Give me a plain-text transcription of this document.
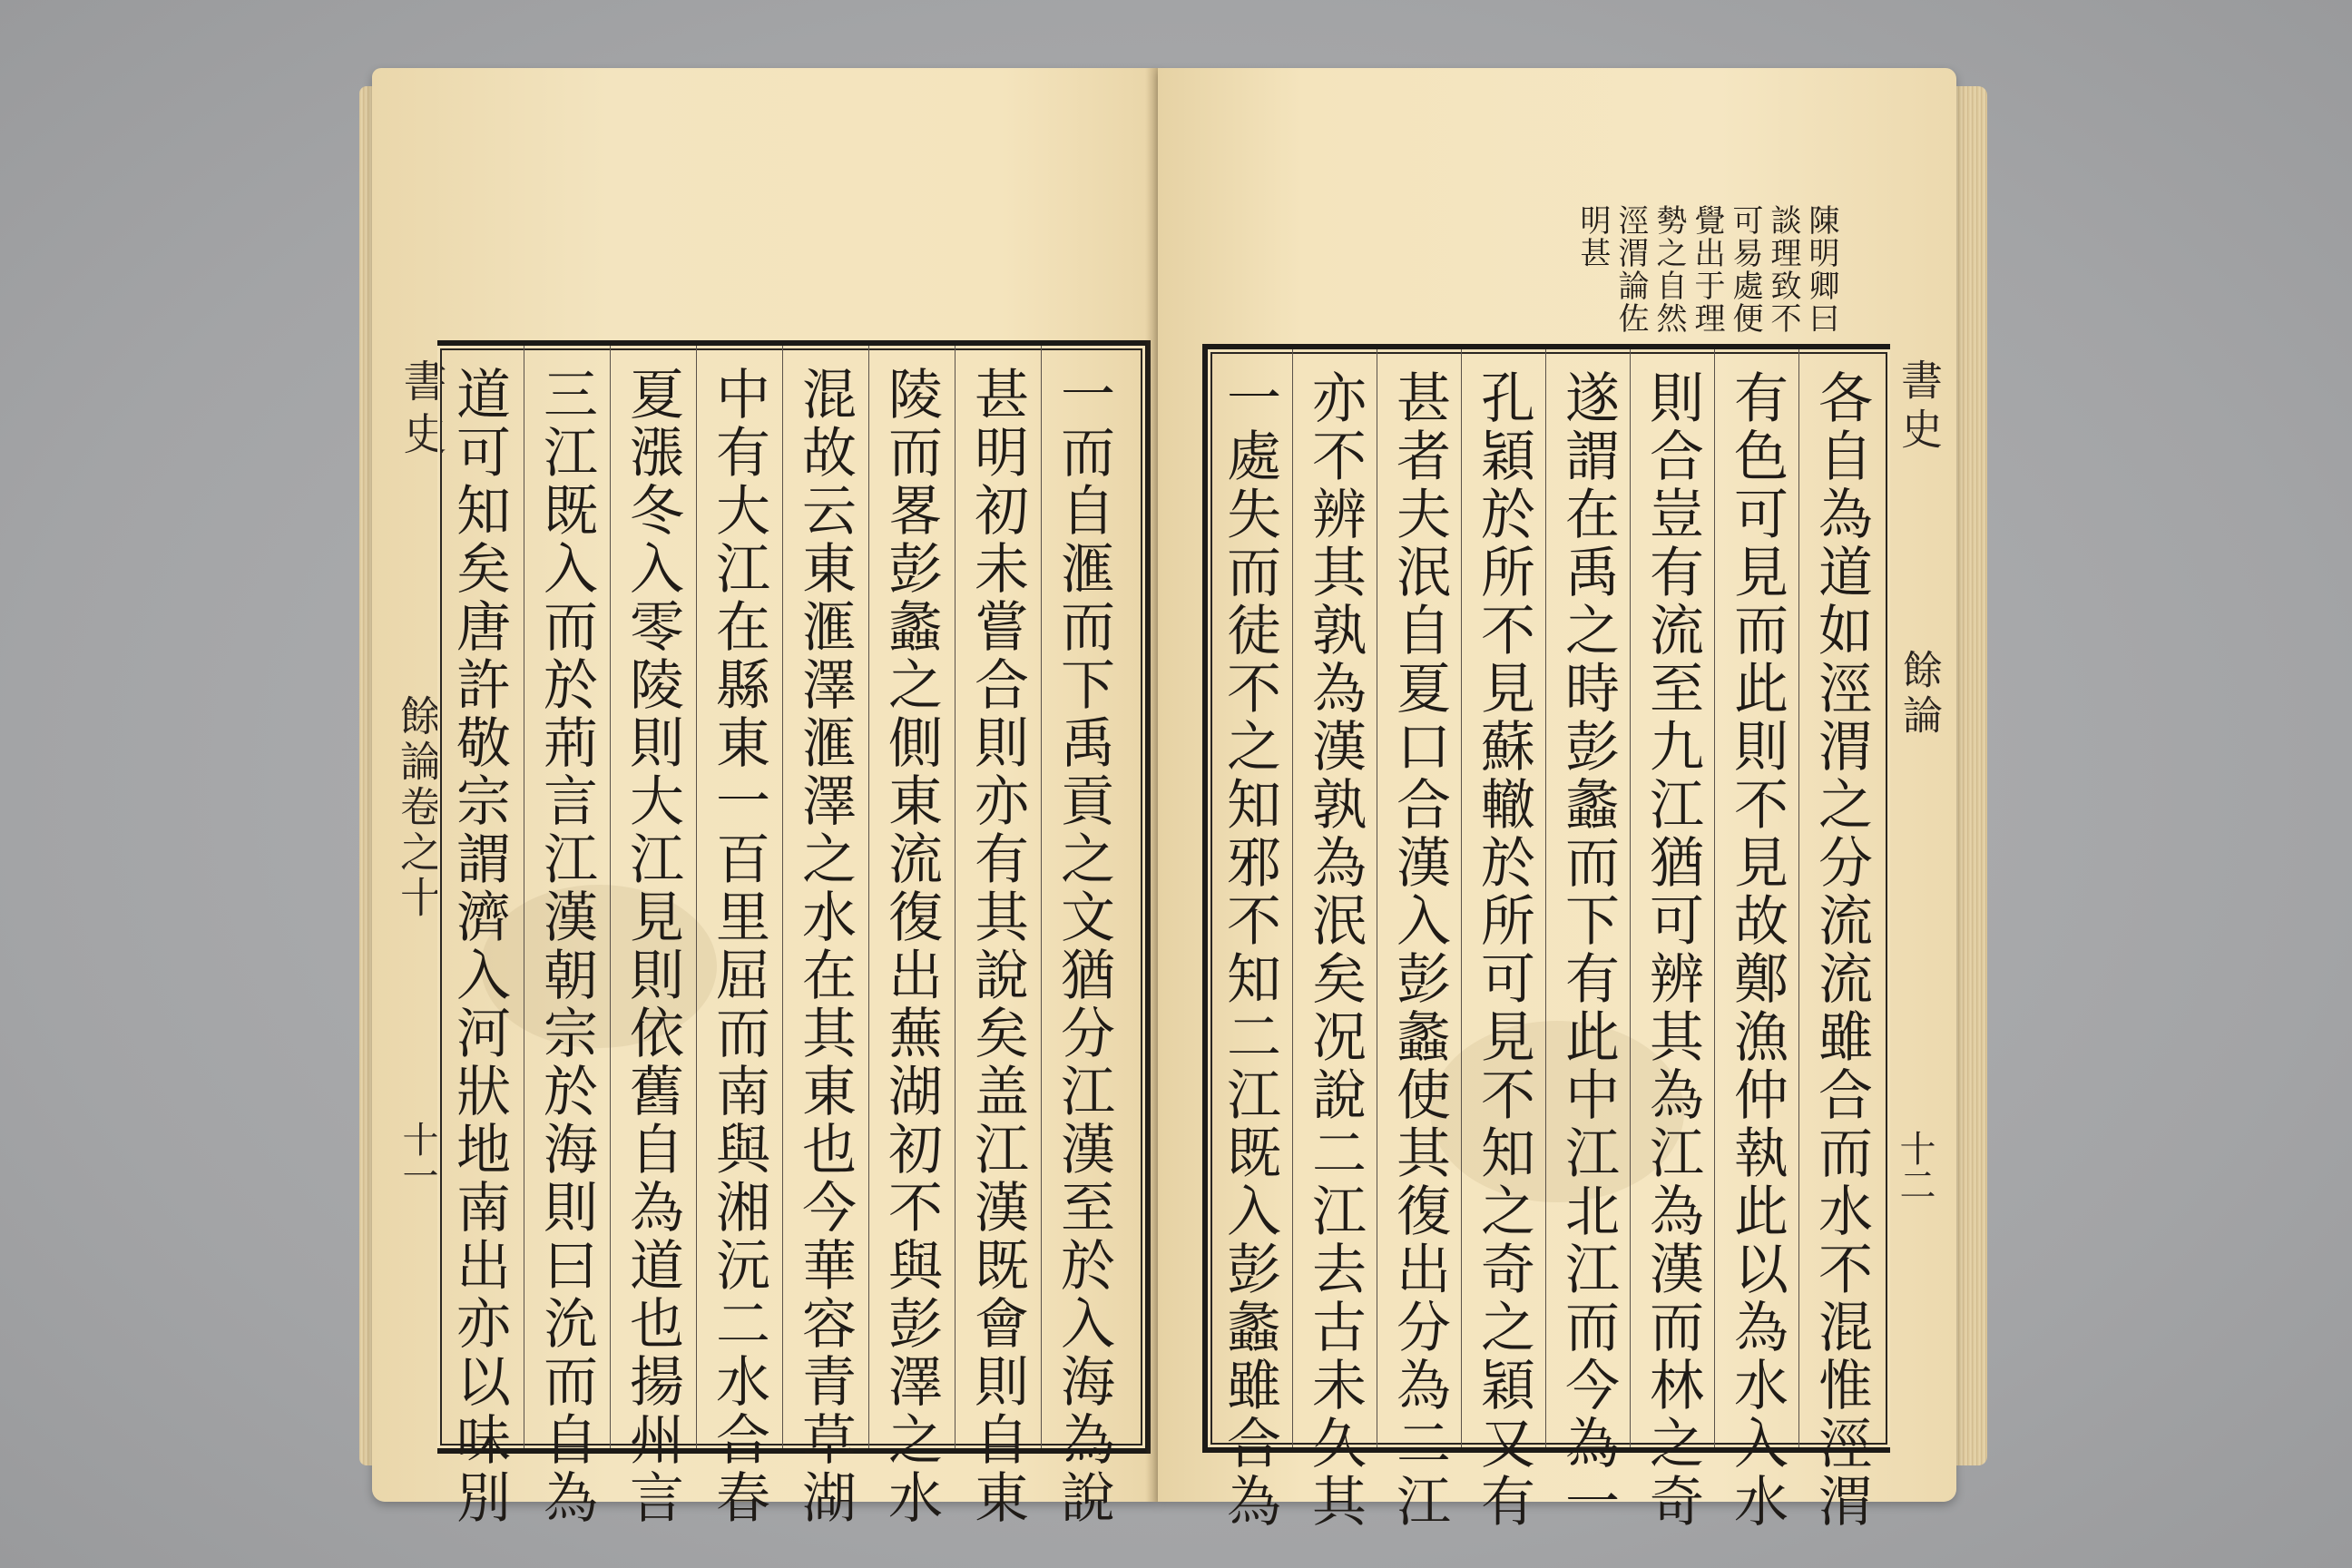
書史
餘論卷之十
十一 道可知矣唐許敬宗謂濟入河狀地南出亦以味別 三江既入而於荊言江漢朝宗於海則曰沇而自為 夏漲冬入零陵則大江見則依舊自為道也揚州言 中有大江在縣東一百里屈而南與湘沅二水合春 混故云東滙澤滙澤之水在其東也今華容青草湖 陵而畧彭蠡之側東流復出蕪湖初不與彭澤之水 甚明初未嘗合則亦有其說矣盖江漢既會則自東 一而自滙而下禹貢之文猶分江漢至於入海為說
陳明卿曰
談理致不
可易處便
覺出于理
勢之自然
涇渭論佐
明甚
書史
餘論
十二
一處失而徒不之知邪不知二江既入彭蠡雖合為 亦不辨其孰為漢孰為泯矣况說二江去古未久其 甚者夫泯自夏口合漢入彭蠡使其復出分為二江 孔穎於所不見蘇轍於所可見不知之奇之穎又有 遂謂在禹之時彭蠡而下有此中江北江而今為一 則合豈有流至九江猶可辨其為江為漢而林之奇 有色可見而此則不見故鄭漁仲執此以為水入水 各自為道如涇渭之分流流雖合而水不混惟涇渭
